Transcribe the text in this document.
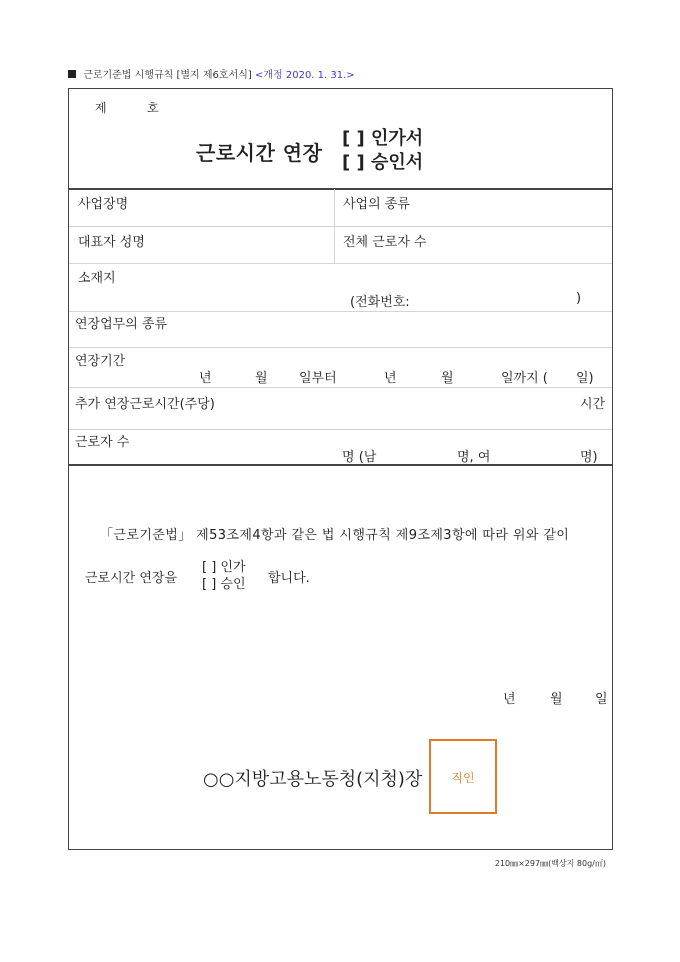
근로기준법 시행규칙 [별지 제6호서식] <개정 2020. 1. 31.>
제	호
근로시간 연장
[ ] 인가서
[ ] 승인서
사업장명	사업의 종류
대표자 성명	전체 근로자 수
소재지
(전화번호:	)
연장업무의 종류
연장기간
년	월 일부터	년	월	일까지 ( 일)
추가 연장근로시간(주당)	시간
근로자 수
명 (남	명, 여	명)
「근로기준법」 제53조제4항과 같은 법 시행규칙 제9조제3항에 따라 위와 같이
근로시간 연장을
[ ] 인가
[ ] 승인 합니다.
년	월 일
○○지방고용노동청(지청)장	직인
210㎜×297㎜(백상지 80g/㎡)
